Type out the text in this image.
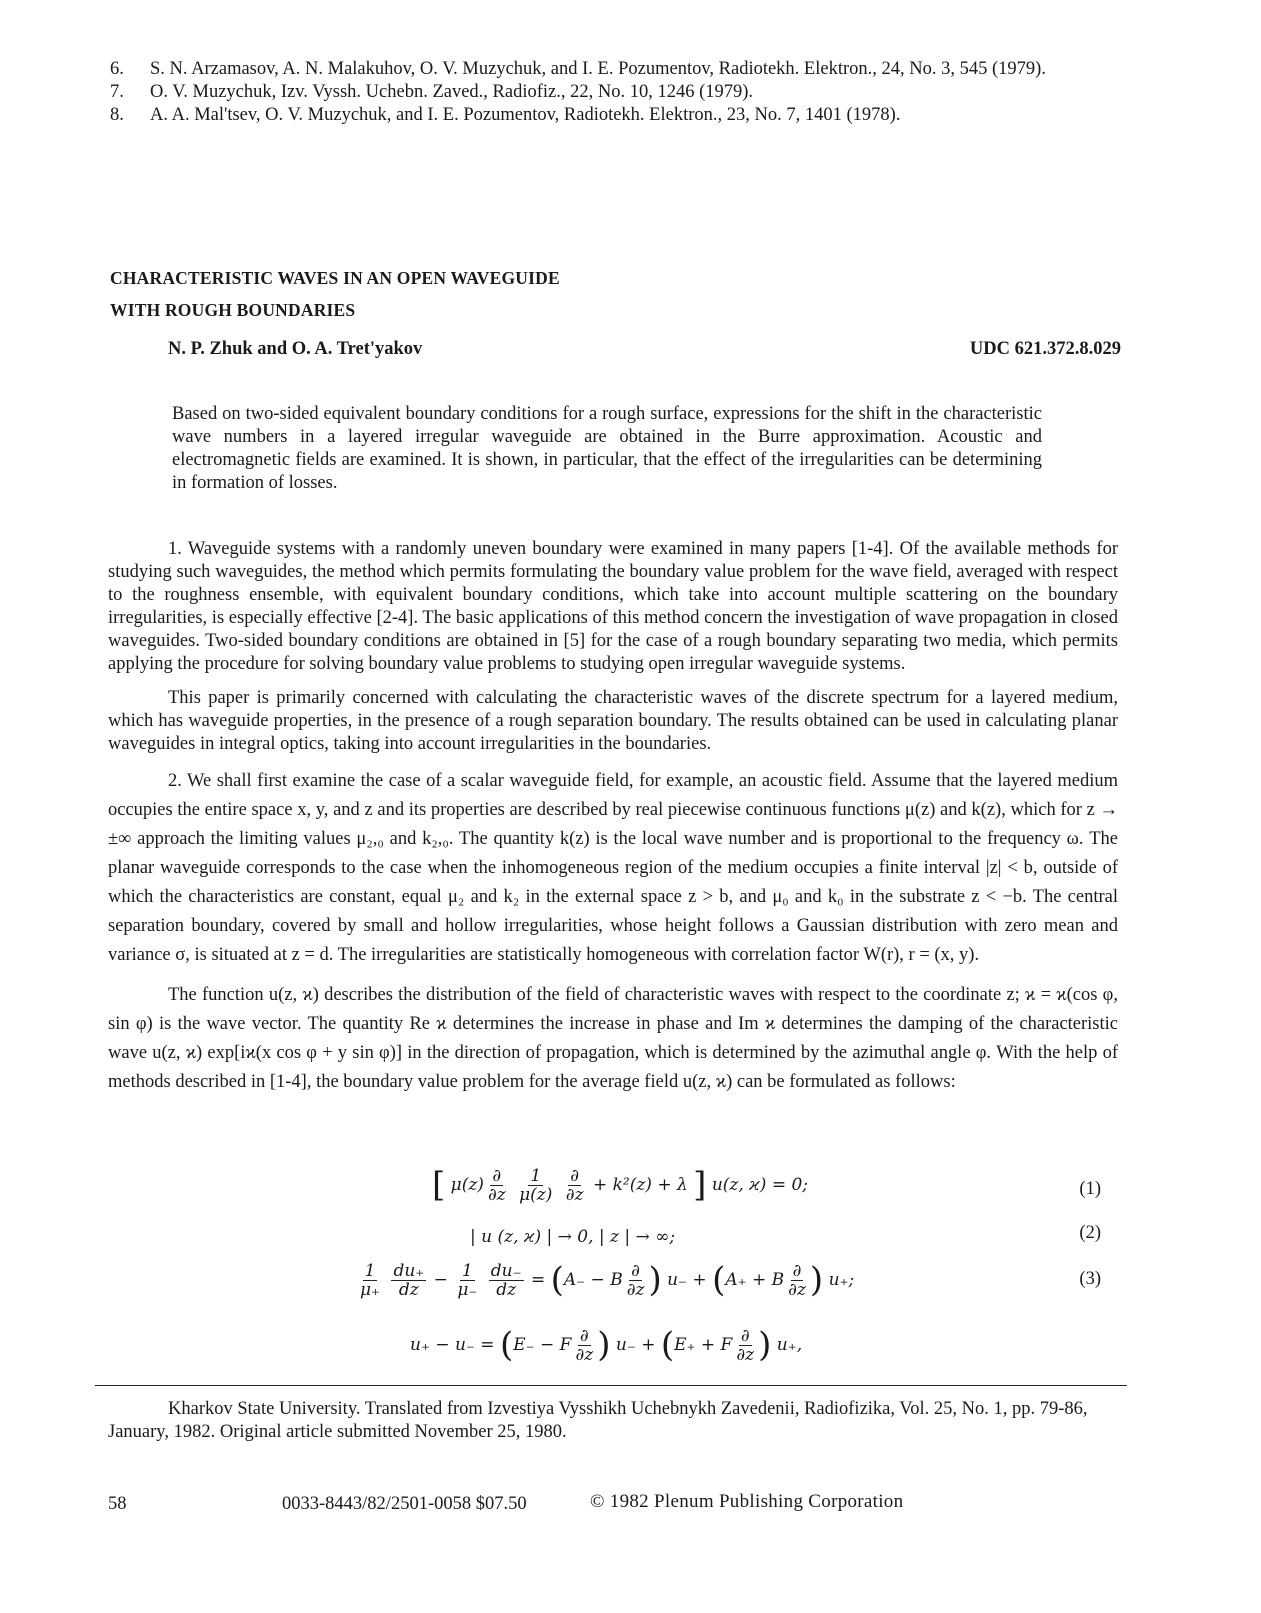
6.	S. N. Arzamasov, A. N. Malakuhov, O. V. Muzychuk, and I. E. Pozumentov, Radiotekh. Elektron., 24, No. 3, 545 (1979).
7.	O. V. Muzychuk, Izv. Vyssh. Uchebn. Zaved., Radiofiz., 22, No. 10, 1246 (1979).
8.	A. A. Mal'tsev, O. V. Muzychuk, and I. E. Pozumentov, Radiotekh. Elektron., 23, No. 7, 1401 (1978).
CHARACTERISTIC WAVES IN AN OPEN WAVEGUIDE
WITH ROUGH BOUNDARIES
N. P. Zhuk and O. A. Tret'yakov	UDC 621.372.8.029
Based on two-sided equivalent boundary conditions for a rough surface, expressions for the shift in the characteristic wave numbers in a layered irregular waveguide are obtained in the Burre approximation. Acoustic and electromagnetic fields are examined. It is shown, in particular, that the effect of the irregularities can be determining in formation of losses.

1. Waveguide systems with a randomly uneven boundary were examined in many papers [1-4]. Of the available methods for studying such waveguides, the method which permits formulating the boundary value problem for the wave field, averaged with respect to the roughness ensemble, with equivalent boundary conditions, which take into account multiple scattering on the boundary irregularities, is especially effective [2-4]. The basic applications of this method concern the investigation of wave propagation in closed waveguides. Two-sided boundary conditions are obtained in [5] for the case of a rough boundary separating two media, which permits applying the procedure for solving boundary value problems to studying open irregular waveguide systems.

This paper is primarily concerned with calculating the characteristic waves of the discrete spectrum for a layered medium, which has waveguide properties, in the presence of a rough separation boundary. The results obtained can be used in calculating planar waveguides in integral optics, taking into account irregularities in the boundaries.

2. We shall first examine the case of a scalar waveguide field, for example, an acoustic field. Assume that the layered medium occupies the entire space x, y, and z and its properties are described by real piecewise continuous functions μ(z) and k(z), which for z → ±∞ approach the limiting values μ₂,₀ and k₂,₀. The quantity k(z) is the local wave number and is proportional to the frequency ω. The planar waveguide corresponds to the case when the inhomogeneous region of the medium occupies a finite interval |z| < b, outside of which the characteristics are constant, equal μ₂ and k₂ in the external space z > b, and μ₀ and k₀ in the substrate z < −b. The central separation boundary, covered by small and hollow irregularities, whose height follows a Gaussian distribution with zero mean and variance σ, is situated at z = d. The irregularities are statistically homogeneous with correlation factor W(r), r = (x, y).

The function u(z, ϰ) describes the distribution of the field of characteristic waves with respect to the coordinate z; ϰ = ϰ(cos φ, sin φ) is the wave vector. The quantity Re ϰ determines the increase in phase and Im ϰ determines the damping of the characteristic wave u(z, ϰ) exp[iϰ(x cos φ + y sin φ)] in the direction of propagation, which is determined by the azimuthal angle φ. With the help of methods described in [1-4], the boundary value problem for the average field u(z, ϰ) can be formulated as follows:

[ $\mu(z) \frac{\partial}{\partial z}$
$\frac{1}{\mu(z)}$
$\frac{\partial}{\partial z} + k^2(z) + \lambda$ ] u(z, ϰ) = 0;	(1)
| u (z, ϰ) | → 0, | z | → ∞;	(2)
$\frac{1}{\mu_+}$
$\frac{du_+}{dz} - \frac{1}{\mu_-}$
$\frac{du_-}{dz} = (A_- - B \frac{\partial}{\partial z}$ ) u₋ + (A₊ + B $\frac{\partial}{\partial z}$ ) u₊;	(3)
u₊ − u₋ = (E₋ − F $\frac{\partial}{\partial z}$ ) u₋ + (E₊ + F $\frac{\partial}{\partial z}$ ) u₊,
Kharkov State University. Translated from Izvestiya Vysshikh Uchebnykh Zavedenii, Radiofizika, Vol. 25, No. 1, pp. 79-86, January, 1982. Original article submitted November 25, 1980.
58	0033-8443/82/2501-0058 $07.50	© 1982 Plenum Publishing Corporation
